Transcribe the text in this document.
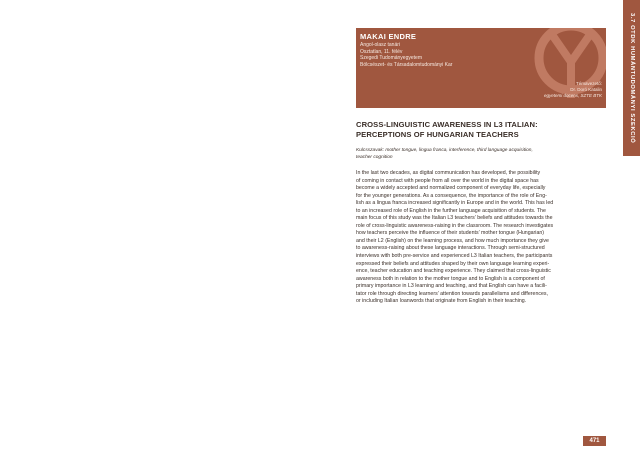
3.7 OTDK HUMÁNTUDOMÁNYI SZEKCIÓ
MAKAI ENDRE
Angol-olasz tanári
Osztatlan, 11. félév
Szegedi Tudományegyetem
Bölcsészet- és Társadalomtudományi Kar
Témavezető:
Dr. Doró Katalin
egyetemi docens, SZTE BTK
CROSS-LINGUISTIC AWARENESS IN L3 ITALIAN:
PERCEPTIONS OF HUNGARIAN TEACHERS
Kulcsszavak: mother tongue, lingua franca, interference, third language acquisition,
teacher cognition
In the last two decades, as digital communication has developed, the possibility
of coming in contact with people from all over the world in the digital space has
become a widely accepted and normalized component of everyday life, especially
for the younger generations. As a consequence, the importance of the role of Eng-
lish as a lingua franca increased significantly in Europe and in the world. This has led
to an increased role of English in the further language acquisition of students. The
main focus of this study was the Italian L3 teachers’ beliefs and attitudes towards the
role of cross-linguistic awareness-raising in the classroom. The research investigates
how teachers perceive the influence of their students’ mother tongue (Hungarian)
and their L2 (English) on the learning process, and how much importance they give
to awareness-raising about these language interactions. Through semi-structured
interviews with both pre-service and experienced L3 Italian teachers, the participants
expressed their beliefs and attitudes shaped by their own language learning experi-
ence, teacher education and teaching experience. They claimed that cross-linguistic
awareness both in relation to the mother tongue and to English is a component of
primary importance in L3 learning and teaching, and that English can have a facili-
tator role through directing learners’ attention towards parallelisms and differences,
or including Italian loanwords that originate from English in their teaching.
471
